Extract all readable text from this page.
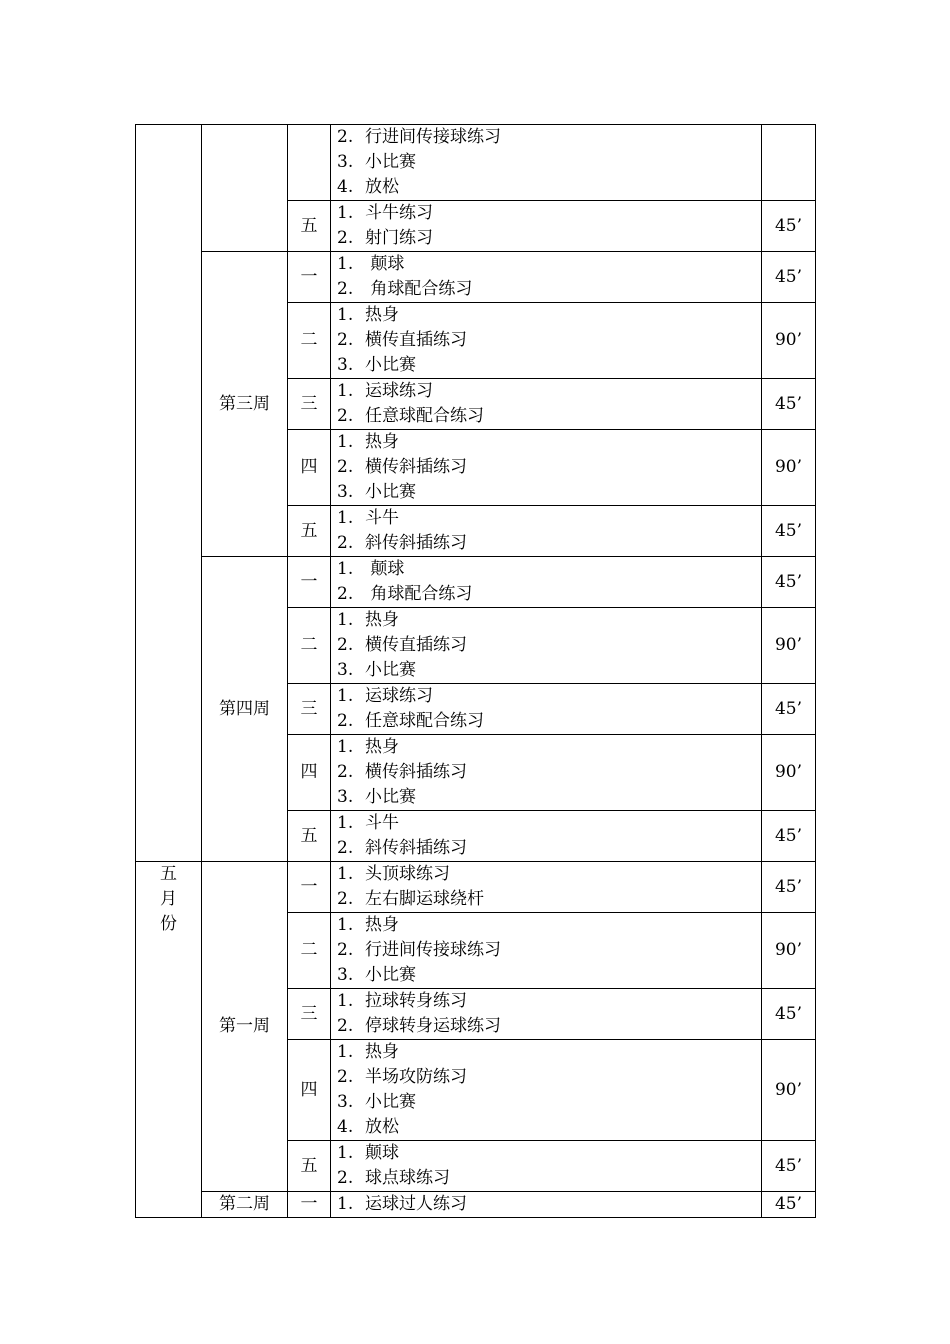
			2. 行进间传接球练习
3. 小比赛
4. 放松	

		五	1. 斗牛练习
2. 射门练习	45’
	第三周	一	1. 颠球
2. 角球配合练习	45’
		二	1. 热身
2. 横传直插练习
3. 小比赛	90’
		三	1. 运球练习
2. 任意球配合练习	45’
		四	1. 热身
2. 横传斜插练习
3. 小比赛	90’
		五	1. 斗牛
2. 斜传斜插练习	45’
	第四周	一	1. 颠球
2. 角球配合练习	45’
		二	1. 热身
2. 横传直插练习
3. 小比赛	90’
		三	1. 运球练习
2. 任意球配合练习	45’
		四	1. 热身
2. 横传斜插练习
3. 小比赛	90’
		五	1. 斗牛
2. 斜传斜插练习	45’

五
月
份	第一周	一	1. 头顶球练习
2. 左右脚运球绕杆	45’
		二	1. 热身
2. 行进间传接球练习
3. 小比赛	90’
		三	1. 拉球转身练习
2. 停球转身运球练习	45’
		四	1. 热身
2. 半场攻防练习
3. 小比赛
4. 放松	90’
		五	1. 颠球
2. 球点球练习	45’
	第二周	一	1. 运球过人练习	45’
